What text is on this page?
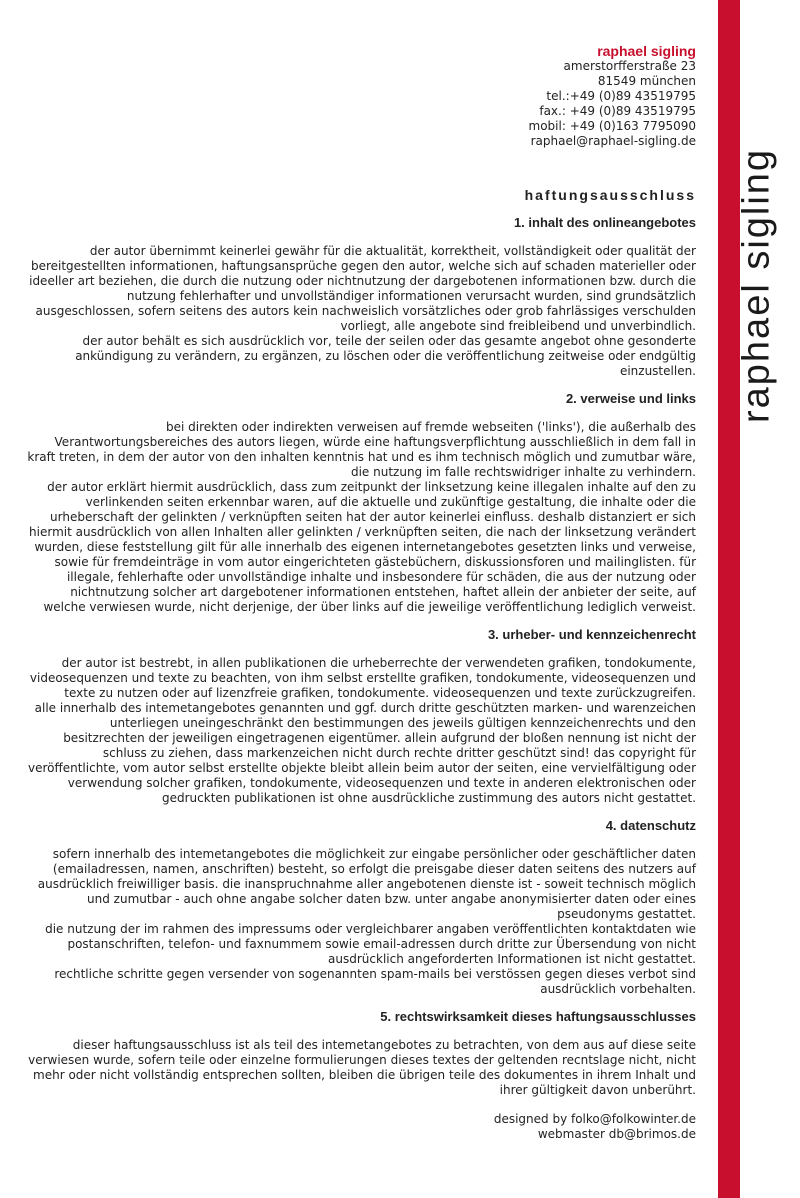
raphael sigling
raphael sigling
amerstorfferstraße 23
81549 münchen
tel.:+49 (0)89 43519795
fax.: +49 (0)89 43519795
mobil: +49 (0)163 7795090
raphael@raphael-sigling.de
haftungsausschluss
1. inhalt des onlineangebotes
der autor übernimmt keinerlei gewähr für die aktualität, korrektheit, vollständigkeit oder qualität der bereitgestellten informationen, haftungsansprüche gegen den autor, welche sich auf schaden materieller oder ideeller art beziehen, die durch die nutzung oder nichtnutzung der dargebotenen informationen bzw. durch die nutzung fehlerhafter und unvollständiger informationen verursacht wurden, sind grundsätzlich ausgeschlossen, sofern seitens des autors kein nachweislich vorsätzliches oder grob fahrlässiges verschulden vorliegt, alle angebote sind freibleibend und unverbindlich.
der autor behält es sich ausdrücklich vor, teile der seilen oder das gesamte angebot ohne gesonderte ankündigung zu verändern, zu ergänzen, zu löschen oder die veröffentlichung zeitweise oder endgültig einzustellen.
2. verweise und links
bei direkten oder indirekten verweisen auf fremde webseiten ('links'), die außerhalb des Verantwortungsbereiches des autors liegen, würde eine haftungsverpflichtung ausschließlich in dem fall in kraft treten, in dem der autor von den inhalten kenntnis hat und es ihm technisch möglich und zumutbar wäre, die nutzung im falle rechtswidriger inhalte zu verhindern.
der autor erklärt hiermit ausdrücklich, dass zum zeitpunkt der linksetzung keine illegalen inhalte auf den zu verlinkenden seiten erkennbar waren, auf die aktuelle und zukünftige gestaltung, die inhalte oder die urheberschaft der gelinkten / verknüpften seiten hat der autor keinerlei einfluss. deshalb distanziert er sich hiermit ausdrücklich von allen Inhalten aller gelinkten / verknüpften seiten, die nach der linksetzung verändert wurden, diese feststellung gilt für alle innerhalb des eigenen internetangebotes gesetzten links und verweise, sowie für fremdeinträge in vom autor eingerichteten gästebüchern, diskussionsforen und mailinglisten. für illegale, fehlerhafte oder unvollständige inhalte und insbesondere für schäden, die aus der nutzung oder nichtnutzung solcher art dargebotener informationen entstehen, haftet allein der anbieter der seite, auf welche verwiesen wurde, nicht derjenige, der über links auf die jeweilige veröffentlichung lediglich verweist.
3. urheber- und kennzeichenrecht
der autor ist bestrebt, in allen publikationen die urheberrechte der verwendeten grafiken, tondokumente, videosequenzen und texte zu beachten, von ihm selbst erstellte grafiken, tondokumente, videosequenzen und texte zu nutzen oder auf lizenzfreie grafiken, tondokumente. videosequenzen und texte zurückzugreifen.
alle innerhalb des intemetangebotes genannten und ggf. durch dritte geschützten marken- und warenzeichen unterliegen uneingeschränkt den bestimmungen des jeweils gültigen kennzeichenrechts und den besitzrechten der jeweiligen eingetragenen eigentümer. allein aufgrund der bloßen nennung ist nicht der schluss zu ziehen, dass markenzeichen nicht durch rechte dritter geschützt sind! das copyright für veröffentlichte, vom autor selbst erstellte objekte bleibt allein beim autor der seiten, eine vervielfältigung oder verwendung solcher grafiken, tondokumente, videosequenzen und texte in anderen elektronischen oder gedruckten publikationen ist ohne ausdrückliche zustimmung des autors nicht gestattet.
4. datenschutz
sofern innerhalb des intemetangebotes die möglichkeit zur eingabe persönlicher oder geschäftlicher daten (emailadressen, namen, anschriften) besteht, so erfolgt die preisgabe dieser daten seitens des nutzers auf ausdrücklich freiwilliger basis. die inanspruchnahme aller angebotenen dienste ist - soweit technisch möglich und zumutbar - auch ohne angabe solcher daten bzw. unter angabe anonymisierter daten oder eines pseudonyms gestattet.
die nutzung der im rahmen des impressums oder vergleichbarer angaben veröffentlichten kontaktdaten wie postanschriften, telefon- und faxnummem sowie email-adressen durch dritte zur Übersendung von nicht ausdrücklich angeforderten Informationen ist nicht gestattet.
rechtliche schritte gegen versender von sogenannten spam-mails bei verstössen gegen dieses verbot sind ausdrücklich vorbehalten.
5. rechtswirksamkeit dieses haftungsausschlusses
dieser haftungsausschluss ist als teil des intemetangebotes zu betrachten, von dem aus auf diese seite verwiesen wurde, sofern teile oder einzelne formulierungen dieses textes der geltenden recntslage nicht, nicht mehr oder nicht vollständig entsprechen sollten, bleiben die übrigen teile des dokumentes in ihrem Inhalt und ihrer gültigkeit davon unberührt.
designed by folko@folkowinter.de
webmaster db@brimos.de
